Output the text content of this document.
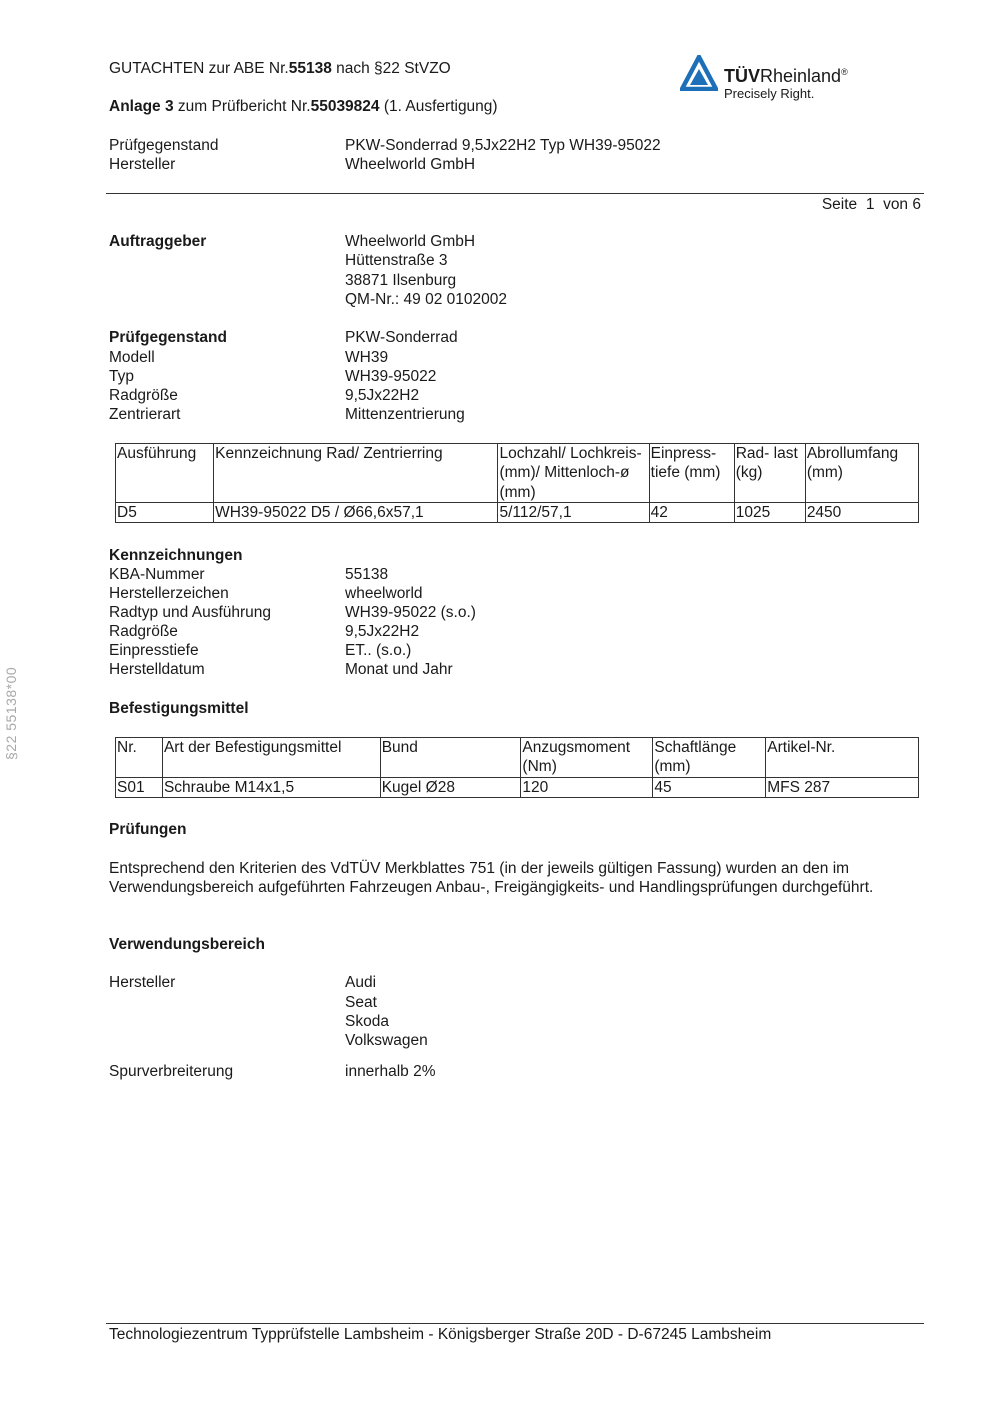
GUTACHTEN zur ABE Nr.55138 nach §22 StVZO
Anlage 3 zum Prüfbericht Nr.55039824 (1. Ausfertigung)
TÜVRheinland®
Precisely Right.
Prüfgegenstand	PKW-Sonderrad 9,5Jx22H2 Typ WH39-95022
Hersteller	Wheelworld GmbH
Seite 1 von 6
§22 55138*00
Auftraggeber	Wheelworld GmbH
Hüttenstraße 3
38871 Ilsenburg
QM-Nr.: 49 02 0102002
Prüfgegenstand	PKW-Sonderrad
Modell	WH39
Typ	WH39-95022
Radgröße	9,5Jx22H2
Zentrierart	Mittenzentrierung
Ausführung	Kennzeichnung Rad/ Zentrierring	Lochzahl/ Lochkreis- (mm)/ Mittenloch-ø (mm)	Einpress- tiefe (mm)	Rad- last (kg)	Abrollumfang (mm)
D5	WH39-95022 D5 / Ø66,6x57,1	5/112/57,1	42	1025	2450
Kennzeichnungen
KBA-Nummer	55138
Herstellerzeichen	wheelworld
Radtyp und Ausführung	WH39-95022 (s.o.)
Radgröße	9,5Jx22H2
Einpresstiefe	ET.. (s.o.)
Herstelldatum	Monat und Jahr
Befestigungsmittel
Nr.	Art der Befestigungsmittel	Bund	Anzugsmoment (Nm)	Schaftlänge (mm)	Artikel-Nr.
S01	Schraube M14x1,5	Kugel Ø28	120	45	MFS 287
Prüfungen
Entsprechend den Kriterien des VdTÜV Merkblattes 751 (in der jeweils gültigen Fassung) wurden an den im Verwendungsbereich aufgeführten Fahrzeugen Anbau-, Freigängigkeits- und Handlingsprüfungen durchgeführt.
Verwendungsbereich
Hersteller	Audi
Seat
Skoda
Volkswagen
Spurverbreiterung	innerhalb 2%
Technologiezentrum Typprüfstelle Lambsheim - Königsberger Straße 20D - D-67245 Lambsheim
